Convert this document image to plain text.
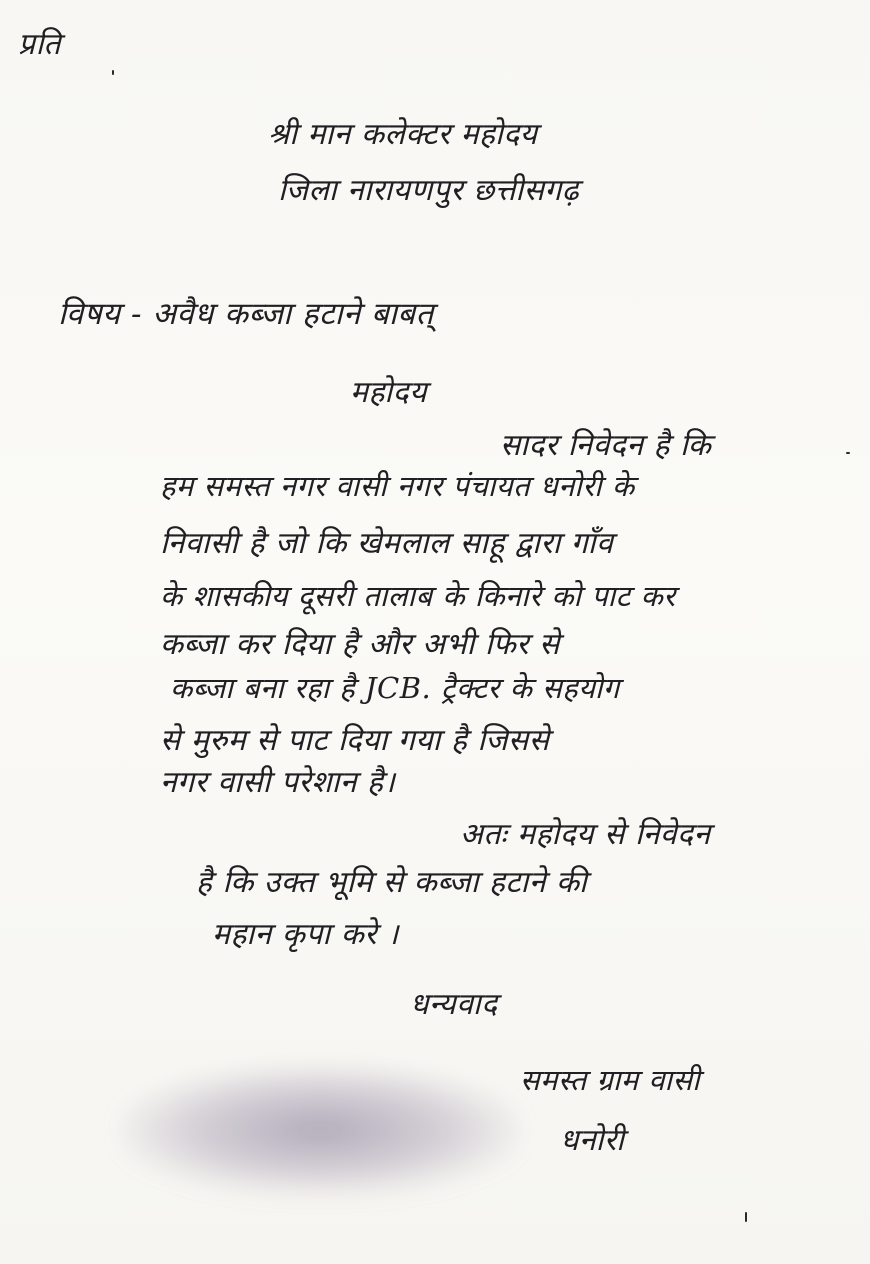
प्रति
श्री मान कलेक्टर महोदय
जिला नारायणपुर छत्तीसगढ़
विषय - अवैध कब्जा हटाने बाबत्
महोदय
सादर निवेदन है कि
हम समस्त नगर वासी नगर पंचायत धनोरी के
निवासी है जो कि खेमलाल साहू द्वारा गाँव
के शासकीय दूसरी तालाब के किनारे को पाट कर
कब्जा कर दिया है और अभी फिर से
कब्जा बना रहा है JCB. ट्रैक्टर के सहयोग
से मुरुम से पाट दिया गया है जिससे
नगर वासी परेशान है।
अतः महोदय से निवेदन
है कि उक्त भूमि से कब्जा हटाने की
महान कृपा करे ।
धन्यवाद
समस्त ग्राम वासी
धनोरी
